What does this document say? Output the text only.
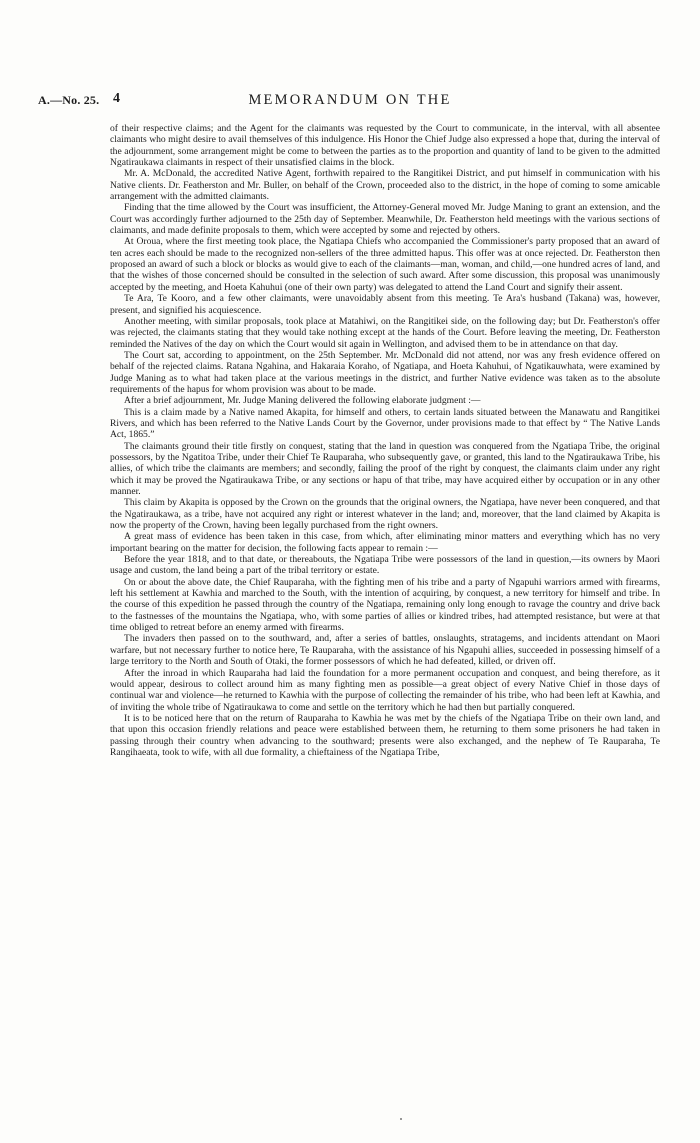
A.—No. 25. 4	MEMORANDUM ON THE

of their respective claims; and the Agent for the claimants was requested by the Court to communicate, in the interval, with all absentee claimants who might desire to avail themselves of this indulgence. His Honor the Chief Judge also expressed a hope that, during the interval of the adjournment, some arrangement might be come to between the parties as to the proportion and quantity of land to be given to the admitted Ngatiraukawa claimants in respect of their unsatisfied claims in the block.

Mr. A. McDonald, the accredited Native Agent, forthwith repaired to the Rangitikei District, and put himself in communication with his Native clients. Dr. Featherston and Mr. Buller, on behalf of the Crown, proceeded also to the district, in the hope of coming to some amicable arrangement with the admitted claimants.

Finding that the time allowed by the Court was insufficient, the Attorney-General moved Mr. Judge Maning to grant an extension, and the Court was accordingly further adjourned to the 25th day of September. Meanwhile, Dr. Featherston held meetings with the various sections of claimants, and made definite proposals to them, which were accepted by some and rejected by others.

At Oroua, where the first meeting took place, the Ngatiapa Chiefs who accompanied the Commissioner's party proposed that an award of ten acres each should be made to the recognized non-sellers of the three admitted hapus. This offer was at once rejected. Dr. Featherston then proposed an award of such a block or blocks as would give to each of the claimants—man, woman, and child,—one hundred acres of land, and that the wishes of those concerned should be consulted in the selection of such award. After some discussion, this proposal was unanimously accepted by the meeting, and Hoeta Kahuhui (one of their own party) was delegated to attend the Land Court and signify their assent.

Te Ara, Te Kooro, and a few other claimants, were unavoidably absent from this meeting. Te Ara's husband (Takana) was, however, present, and signified his acquiescence.

Another meeting, with similar proposals, took place at Matahiwi, on the Rangitikei side, on the following day; but Dr. Featherston's offer was rejected, the claimants stating that they would take nothing except at the hands of the Court. Before leaving the meeting, Dr. Featherston reminded the Natives of the day on which the Court would sit again in Wellington, and advised them to be in attendance on that day.

The Court sat, according to appointment, on the 25th September. Mr. McDonald did not attend, nor was any fresh evidence offered on behalf of the rejected claims. Ratana Ngahina, and Hakaraia Koraho, of Ngatiapa, and Hoeta Kahuhui, of Ngatikauwhata, were examined by Judge Maning as to what had taken place at the various meetings in the district, and further Native evidence was taken as to the absolute requirements of the hapus for whom provision was about to be made.

After a brief adjournment, Mr. Judge Maning delivered the following elaborate judgment :—

This is a claim made by a Native named Akapita, for himself and others, to certain lands situated between the Manawatu and Rangitikei Rivers, and which has been referred to the Native Lands Court by the Governor, under provisions made to that effect by “ The Native Lands Act, 1865.”

The claimants ground their title firstly on conquest, stating that the land in question was conquered from the Ngatiapa Tribe, the original possessors, by the Ngatitoa Tribe, under their Chief Te Rauparaha, who subsequently gave, or granted, this land to the Ngatiraukawa Tribe, his allies, of which tribe the claimants are members; and secondly, failing the proof of the right by conquest, the claimants claim under any right which it may be proved the Ngatiraukawa Tribe, or any sections or hapu of that tribe, may have acquired either by occupation or in any other manner.

This claim by Akapita is opposed by the Crown on the grounds that the original owners, the Ngatiapa, have never been conquered, and that the Ngatiraukawa, as a tribe, have not acquired any right or interest whatever in the land; and, moreover, that the land claimed by Akapita is now the property of the Crown, having been legally purchased from the right owners.

A great mass of evidence has been taken in this case, from which, after eliminating minor matters and everything which has no very important bearing on the matter for decision, the following facts appear to remain :—

Before the year 1818, and to that date, or thereabouts, the Ngatiapa Tribe were possessors of the land in question,—its owners by Maori usage and custom, the land being a part of the tribal territory or estate.

On or about the above date, the Chief Rauparaha, with the fighting men of his tribe and a party of Ngapuhi warriors armed with firearms, left his settlement at Kawhia and marched to the South, with the intention of acquiring, by conquest, a new territory for himself and tribe. In the course of this expedition he passed through the country of the Ngatiapa, remaining only long enough to ravage the country and drive back to the fastnesses of the mountains the Ngatiapa, who, with some parties of allies or kindred tribes, had attempted resistance, but were at that time obliged to retreat before an enemy armed with firearms.

The invaders then passed on to the southward, and, after a series of battles, onslaughts, stratagems, and incidents attendant on Maori warfare, but not necessary further to notice here, Te Rauparaha, with the assistance of his Ngapuhi allies, succeeded in possessing himself of a large territory to the North and South of Otaki, the former possessors of which he had defeated, killed, or driven off.

After the inroad in which Rauparaha had laid the foundation for a more permanent occupation and conquest, and being therefore, as it would appear, desirous to collect around him as many fighting men as possible—a great object of every Native Chief in those days of continual war and violence—he returned to Kawhia with the purpose of collecting the remainder of his tribe, who had been left at Kawhia, and of inviting the whole tribe of Ngatiraukawa to come and settle on the territory which he had then but partially conquered.

It is to be noticed here that on the return of Rauparaha to Kawhia he was met by the chiefs of the Ngatiapa Tribe on their own land, and that upon this occasion friendly relations and peace were established between them, he returning to them some prisoners he had taken in passing through their country when advancing to the southward; presents were also exchanged, and the nephew of Te Rauparaha, Te Rangihaeata, took to wife, with all due formality, a chieftainess of the Ngatiapa Tribe,
